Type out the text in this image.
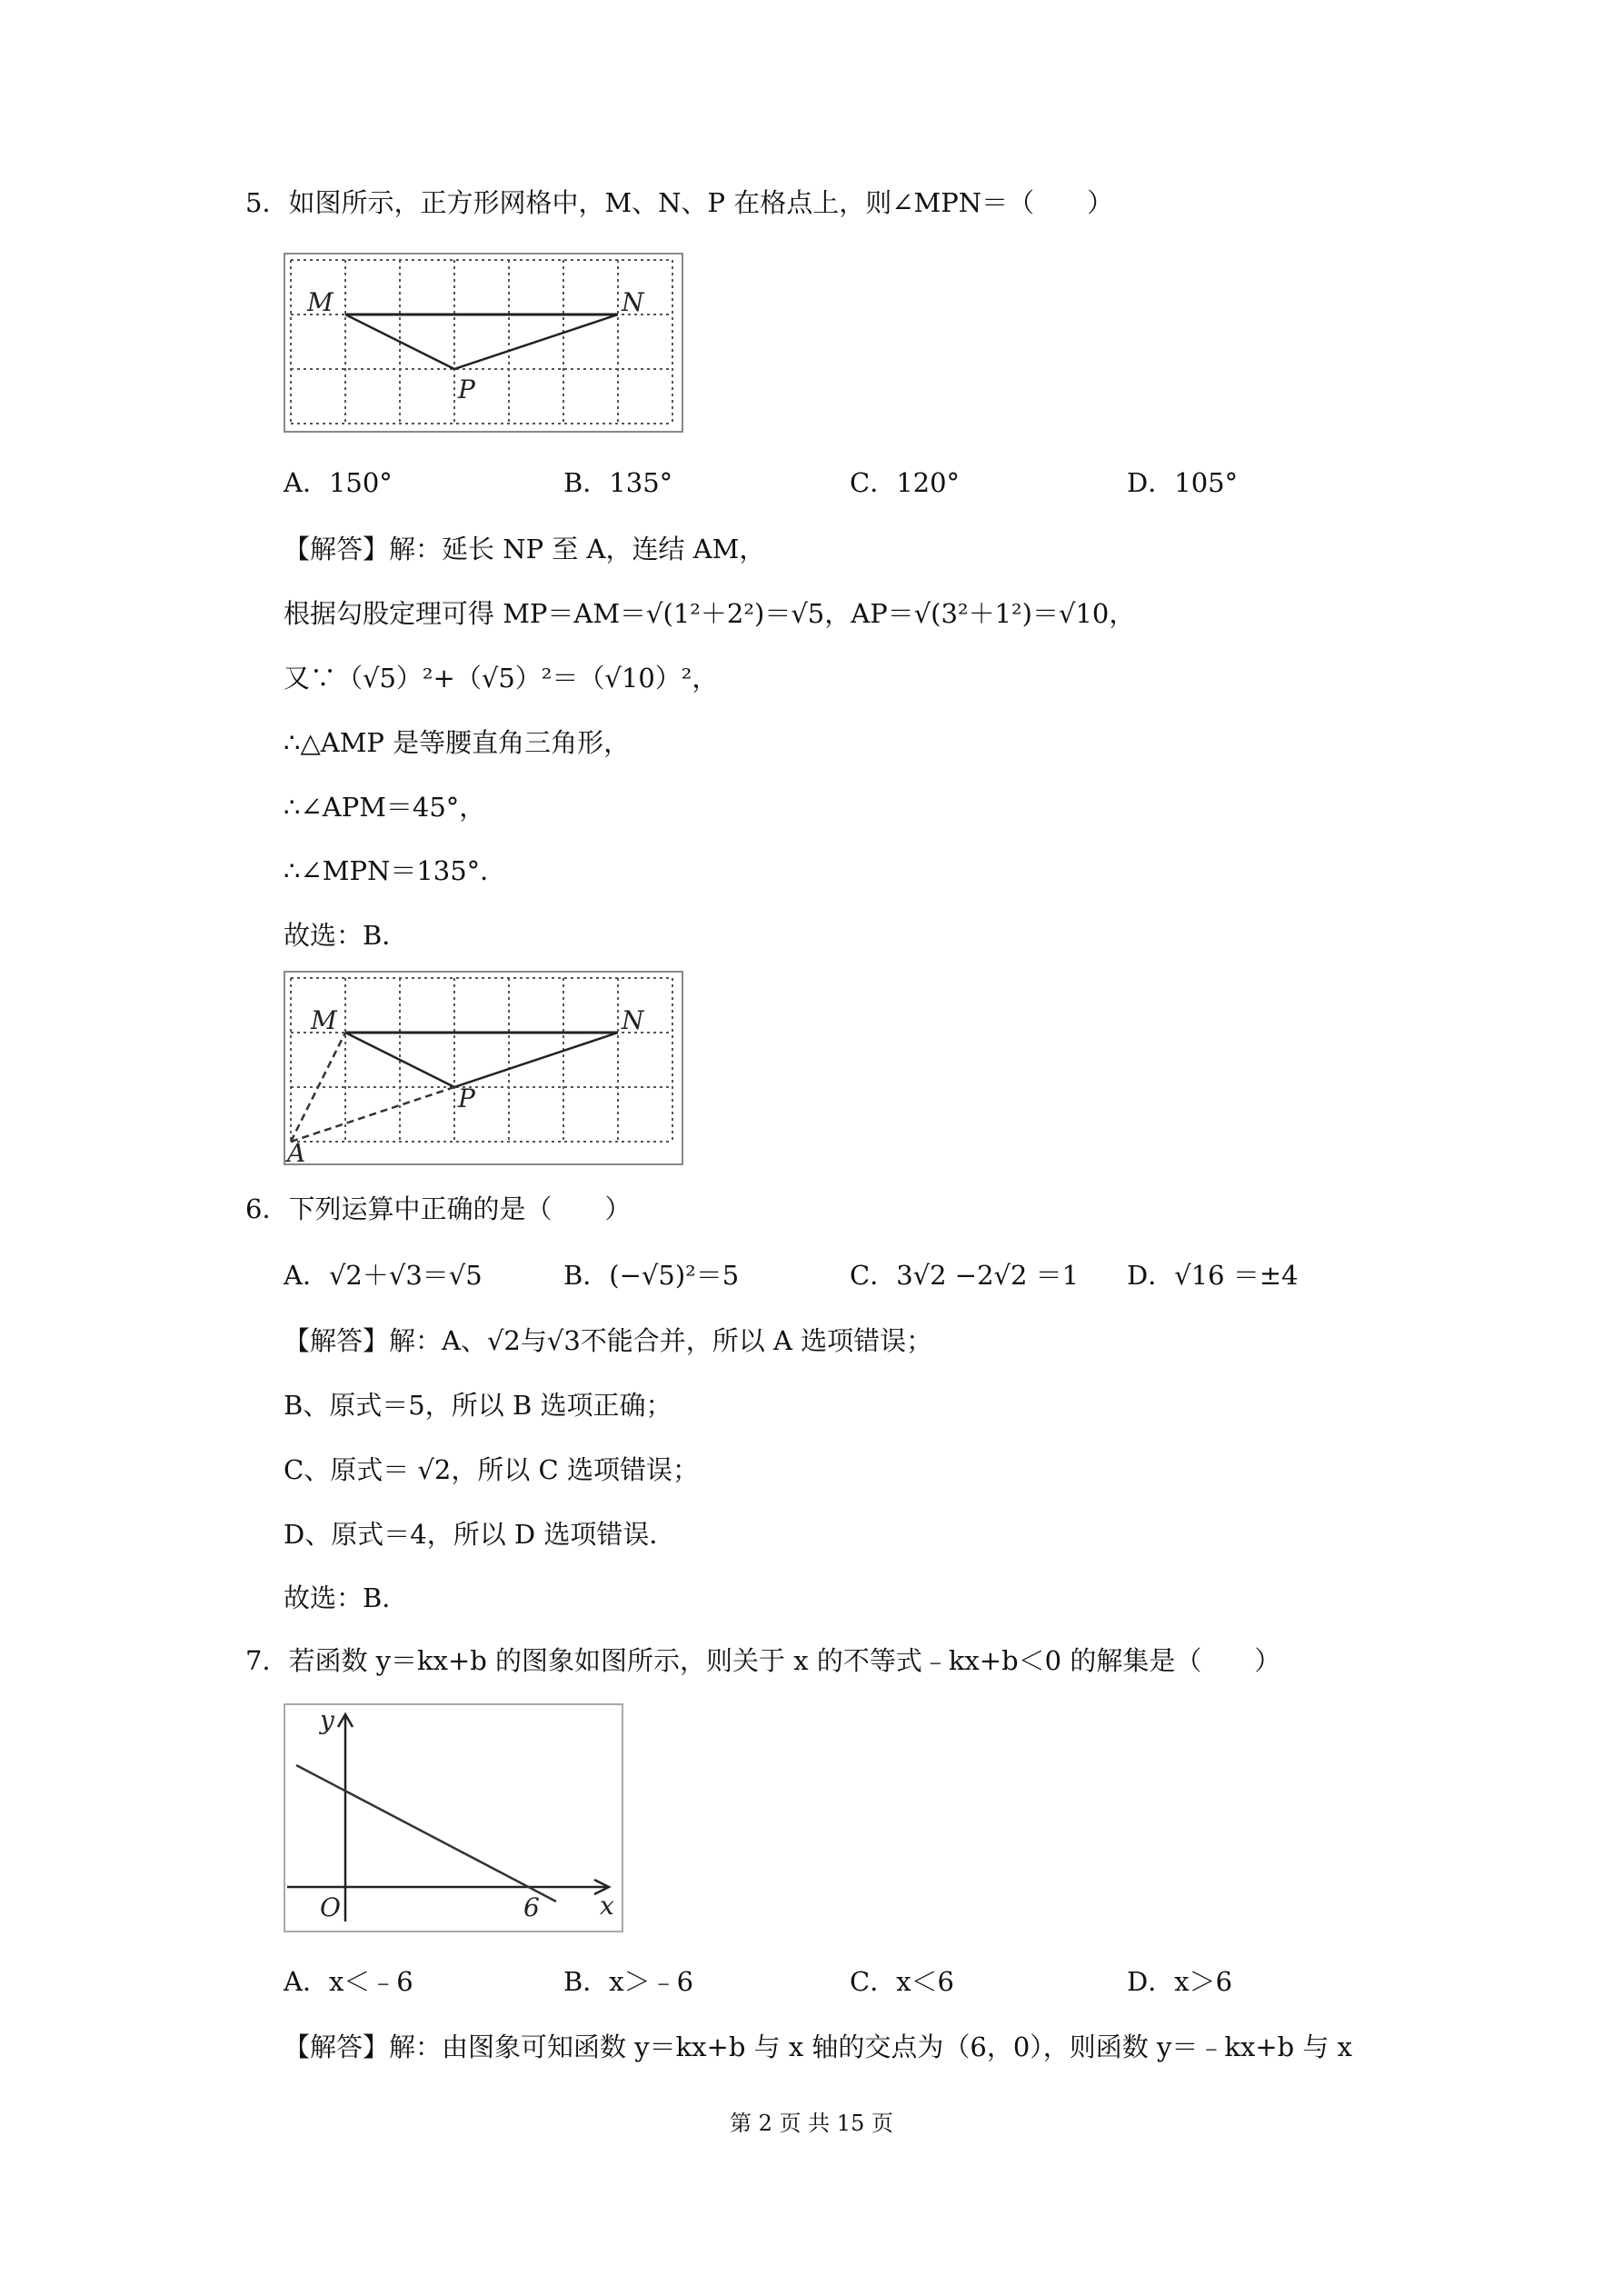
5．如图所示，正方形网格中，M、N、P 在格点上，则∠MPN＝（　　）
M	N
P
A．150°	B．135°	C．120°	D．105°
【解答】解：延长 NP 至 A，连结 AM，
根据勾股定理可得 MP＝AM＝√(1²＋2²)＝√5，AP＝√(3²＋1²)＝√10，
又∵（√5）²+（√5）²＝（√10）²，
∴△AMP 是等腰直角三角形，
∴∠APM＝45°，
∴∠MPN＝135°．
故选：B．
M	N
P
A
6．下列运算中正确的是（　　）
A．√2＋√3＝√5	B．(−√5)²＝5	C．3√2 −2√2 ＝1 D．√16 ＝±4
【解答】解：A、√2与√3不能合并，所以 A 选项错误；
B、原式＝5，所以 B 选项正确；
C、原式＝ √2，所以 C 选项错误；
D、原式＝4，所以 D 选项错误．
故选：B．
7．若函数 y＝kx+b 的图象如图所示，则关于 x 的不等式﹣kx+b＜0 的解集是（　　）
y
x
O	6
A．x＜﹣6	B．x＞﹣6	C．x＜6	D．x＞6
【解答】解：由图象可知函数 y＝kx+b 与 x 轴的交点为（6，0），则函数 y＝﹣kx+b 与 x
第 2 页 共 15 页
